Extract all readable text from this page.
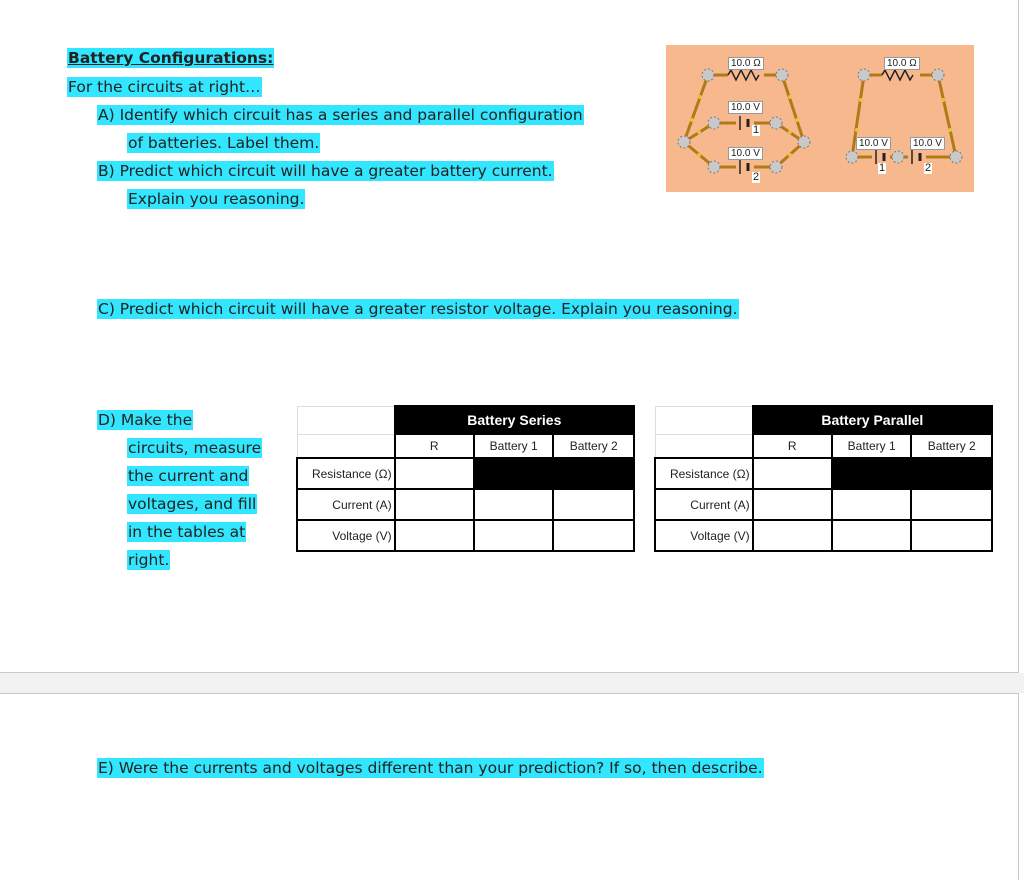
Battery Configurations:
For the circuits at right…
A) Identify which circuit has a series and parallel configuration
of batteries. Label them.
B) Predict which circuit will have a greater battery current.
Explain you reasoning.
10.0 Ω
10.0 V
1
10.0 V
2
10.0 Ω
10.0 V
1
10.0 V
2
C) Predict which circuit will have a greater resistor voltage. Explain you reasoning.
D) Make the
circuits, measure
the current and
voltages, and fill
in the tables at
right.
	Battery Series		
	R	Battery 1	Battery 2
Resistance (Ω)			
Current (A)			
Voltage (V)			
	Battery Parallel		
	R	Battery 1	Battery 2
Resistance (Ω)			
Current (A)			
Voltage (V)			
E) Were the currents and voltages different than your prediction? If so, then describe.
